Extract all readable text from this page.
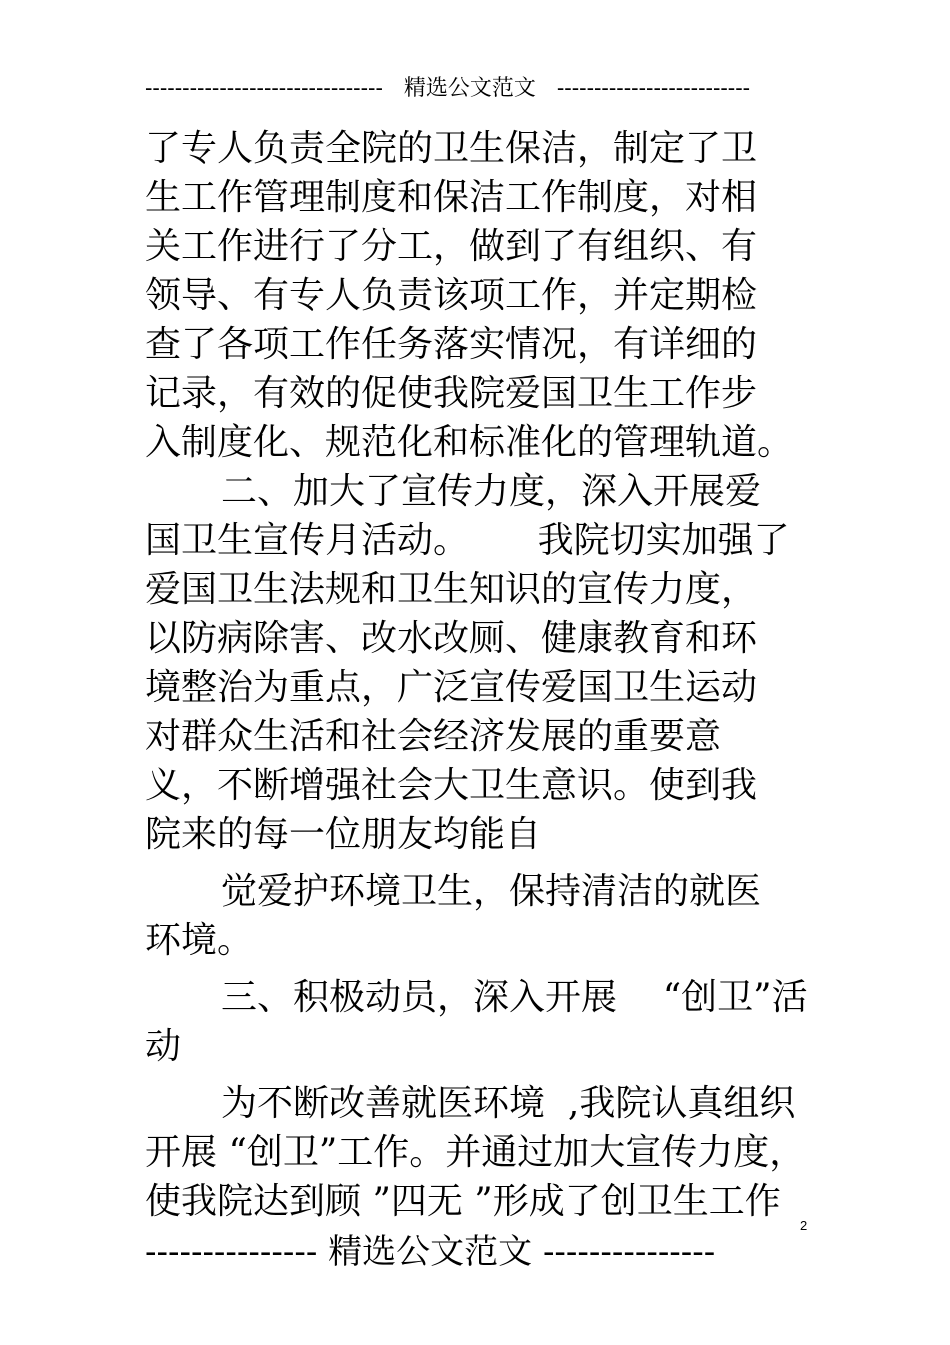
--------------------------------   精选公文范文   --------------------------
了专人负责全院的卫生保洁，制定了卫
生工作管理制度和保洁工作制度，对相
关工作进行了分工，做到了有组织、有
领导、有专人负责该项工作，并定期检
查了各项工作任务落实情况，有详细的
记录，有效的促使我院爱国卫生工作步
入制度化、规范化和标准化的管理轨道。
二、加大了宣传力度，深入开展爱
国卫生宣传月活动。      我院切实加强了
爱国卫生法规和卫生知识的宣传力度，
以防病除害、改水改厕、健康教育和环
境整治为重点，广泛宣传爱国卫生运动
对群众生活和社会经济发展的重要意
义，不断增强社会大卫生意识。使到我
院来的每一位朋友均能自
觉爱护环境卫生，保持清洁的就医
环境。
三、积极动员，深入开展    “创卫”活
动
为不断改善就医环境  ,我院认真组织
开展 “创卫”工作。并通过加大宣传力度，
使我院达到顾 ”四无 ”形成了创卫生工作
2
--------------- 精选公文范文 ---------------
